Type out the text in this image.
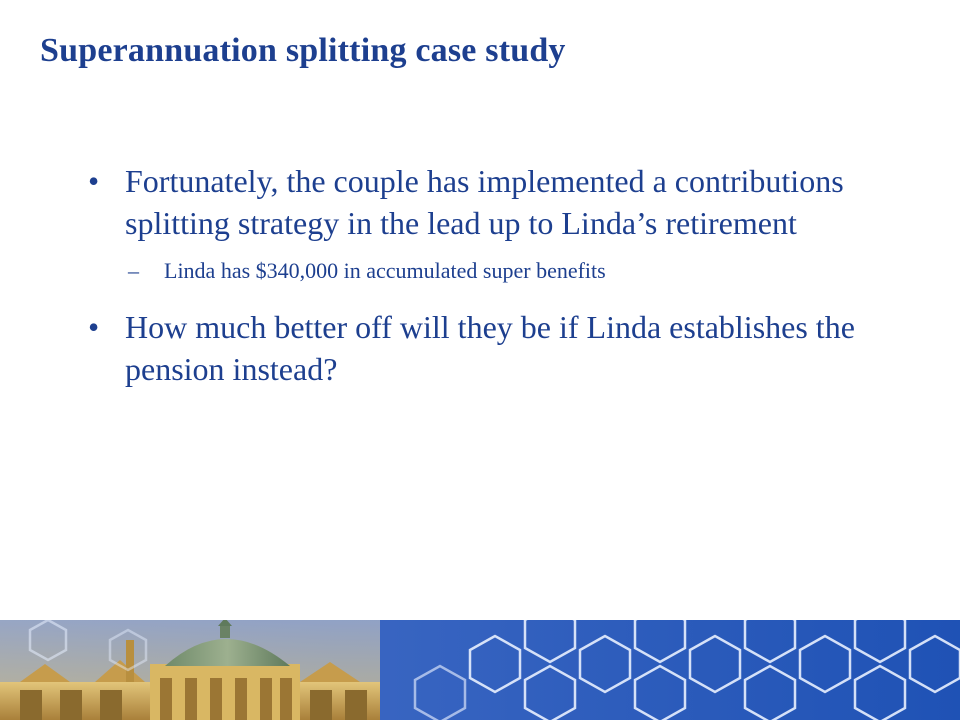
Superannuation splitting case study
• Fortunately, the couple has implemented a contributions splitting strategy in the lead up to Linda’s retirement
– Linda has $340,000 in accumulated super benefits
• How much better off will they be if Linda establishes the pension instead?
